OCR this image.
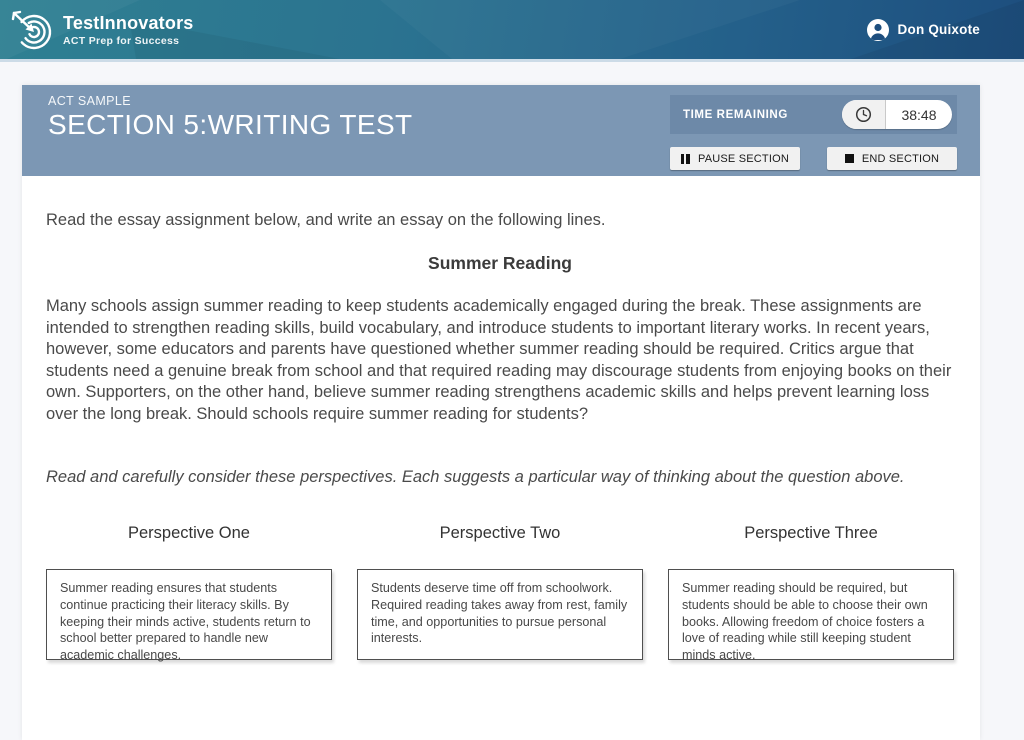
TestInnovators
ACT Prep for Success
Don Quixote
ACT SAMPLE
SECTION 5:WRITING TEST	TIME REMAINING	38:48
PAUSE SECTION	END SECTION

Read the essay assignment below, and write an essay on the following lines.

Summer Reading

Many schools assign summer reading to keep students academically engaged during the break. These assignments are intended to strengthen reading skills, build vocabulary, and introduce students to important literary works. In recent years, however, some educators and parents have questioned whether summer reading should be required. Critics argue that students need a genuine break from school and that required reading may discourage students from enjoying books on their own. Supporters, on the other hand, believe summer reading strengthens academic skills and helps prevent learning loss over the long break. Should schools require summer reading for students?

Read and carefully consider these perspectives. Each suggests a particular way of thinking about the question above.

Perspective One
Summer reading ensures that students continue practicing their literacy skills. By keeping their minds active, students return to school better prepared to handle new academic challenges.
Perspective Two
Students deserve time off from schoolwork. Required reading takes away from rest, family time, and opportunities to pursue personal interests.
Perspective Three
Summer reading should be required, but students should be able to choose their own books. Allowing freedom of choice fosters a love of reading while still keeping student minds active.
